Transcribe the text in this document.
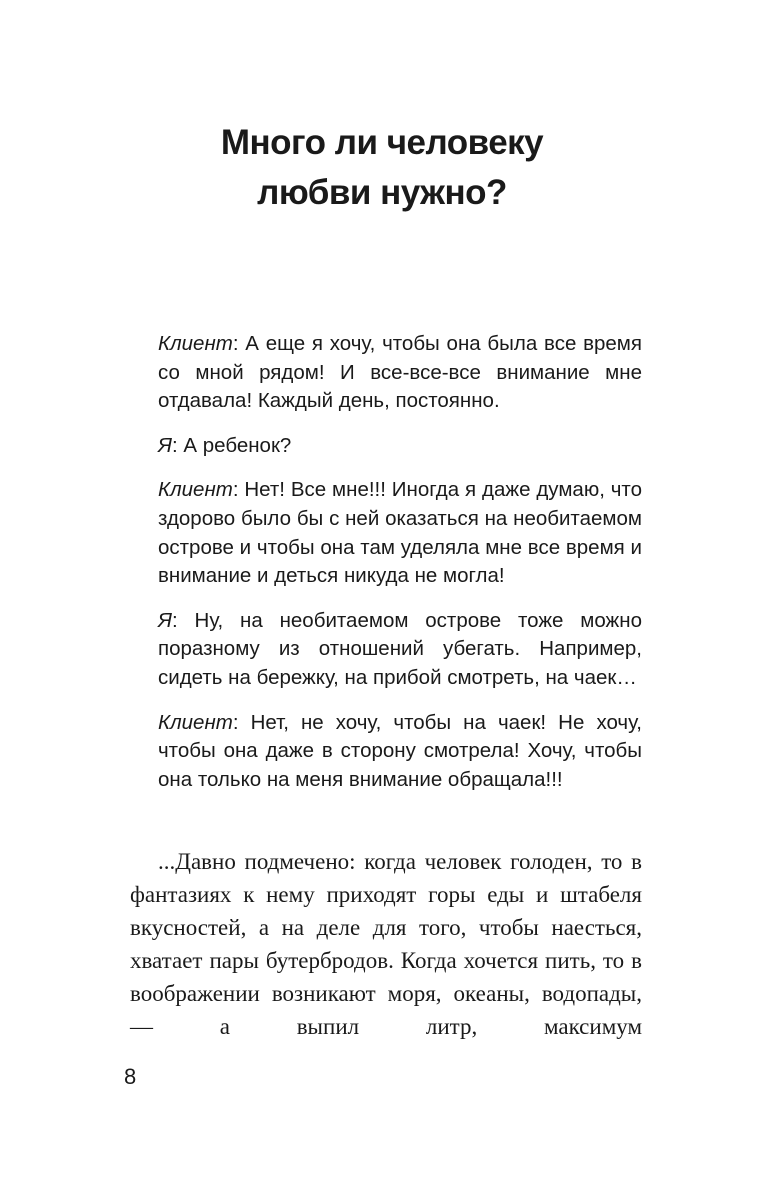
Много ли человеку
любви нужно?

Клиент: А еще я хочу, чтобы она была все время со мной рядом! И все-все-все внимание мне отдавала! Каждый день, постоянно.

Я: А ребенок?

Клиент: Нет! Все мне!!! Иногда я даже думаю, что здорово было бы с ней оказаться на необитаемом острове и чтобы она там уделяла мне все время и внимание и деться никуда не могла!

Я: Ну, на необитаемом острове тоже можно поразному из отношений убегать. Например, сидеть на бережку, на прибой смотреть, на чаек…

Клиент: Нет, не хочу, чтобы на чаек! Не хочу, чтобы она даже в сторону смотрела! Хочу, чтобы она только на меня внимание обращала!!!

...Давно подмечено: когда человек голоден, то в фантазиях к нему приходят горы еды и штабеля вкусностей, а на деле для того, чтобы наесться, хватает пары бутербродов. Когда хочется пить, то в воображении возникают моря, океаны, водопады, — а выпил литр, максимум

8
